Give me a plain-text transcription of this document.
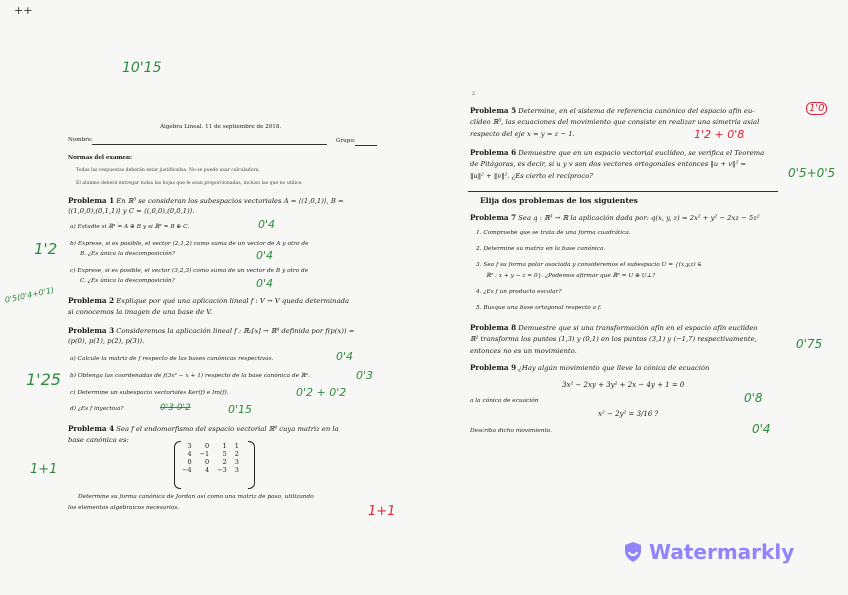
++
10'15
Álgebra Lineal. 11 de septiembre de 2018.
Nombre:	Grupo:
Normas del examen:
Todas las respuestas deberán estar justificadas. No se puede usar calculadora.
El alumno deberá entregar todas las hojas que le sean proporcionadas, incluso las que no utilice.
Problema 1 En ℝ³ se consideran los subespacios vectoriales A = ⟨(1,0,1)⟩, B =
⟨(1,0,0),(0,1,1)⟩ y C = ⟨(,0,0),(0,0,1)⟩.
a) Estudie si ℝ³ = A ⊕ B y si ℝ³ = B ⊕ C.	0'4
b) Exprese, si es posible, el vector (2,1,2) como suma de un vector de A y otro de
B. ¿Es única la descomposición?	0'4
1'2
c) Exprese, si es posible, el vector (3,2,3) como suma de un vector de B y otro de
C. ¿Es única la descomposición?	0'4
0'5(0'4+0'1) Problema 2 Explique por qué una aplicación lineal f : V → V queda determinada
si conocemos la imagen de una base de V.
Problema 3 Consideremos la aplicación lineal f : ℝ₂[x] → ℝ⁴ definida por f(p(x)) =
(p(0), p(1), p(2), p(3)).
a) Calcule la matriz de f respecto de las bases canónicas respectivas.	0'4
b) Obtenga las coordenadas de f(3x² − x + 1) respecto de la base canónica de ℝ⁴.	0'3
1'25
c) Determine un subespacio vectoriales Ker(f) e Im(f).	0'2 + 0'2
d) ¿Es f inyectiva?	0'3 0'2	0'15
Problema 4 Sea f el endomorfismo del espacio vectorial ℝ⁴ cuya matriz en la
base canónica es:
1+1
3	0	1	1
4	−1	5	2
0	0	2	3
−4	4	−3	3
Determine su forma canónica de Jordan así como una matriz de paso, utilizando
los elementos algebraicos necesarios.	1+1
2
Problema 5 Determine, en el sistema de referencia canónico del espacio afín eu-
clídeo ℝ³, las ecuaciones del movimiento que consiste en realizar una simetría axial
respecto del eje x = y = z − 1.	1'2 + 0'8
1'0
Problema 6 Demuestre que en un espacio vectorial euclídeo, se verifica el Teorema
de Pitágoras, es decir, si u y v son dos vectores ortogonales entonces ‖u + v‖² =
‖u‖² + ‖v‖². ¿Es cierto el recíproco?	0'5+0'5
Elija dos problemas de los siguientes
Problema 7 Sea q : ℝ³ → ℝ la aplicación dada por: q(x, y, z) = 2x² + y² − 2xz − 5z²
1. Compruebe que se trata de una forma cuadrática.
2. Determine su matriz en la base canónica.
3. Sea f su forma polar asociada y consideremos el subespacio U = {(x,y,z) ∈
ℝ³ : x + y − z = 0}. ¿Podemos afirmar que ℝ³ = U ⊕ U⊥?
4. ¿Es f un producto escalar?
5. Busque una base ortogonal respecto a f.
Problema 8 Demuestre que si una transformación afín en el espacio afín euclídeo
ℝ² transforma los puntos (1,3) y (0,1) en los puntos (3,1) y (−1,7) respectivamente,
entonces no es un movimiento.	0'75
Problema 9 ¿Hay algún movimiento que lleve la cónica de ecuación
3x² − 2xy + 3y² + 2x − 4y + 1 = 0
a la cónica de ecuación
x² − 2y² = 3/16 ?
0'8
Describa dicho movimiento.	0'4
Watermarkly
